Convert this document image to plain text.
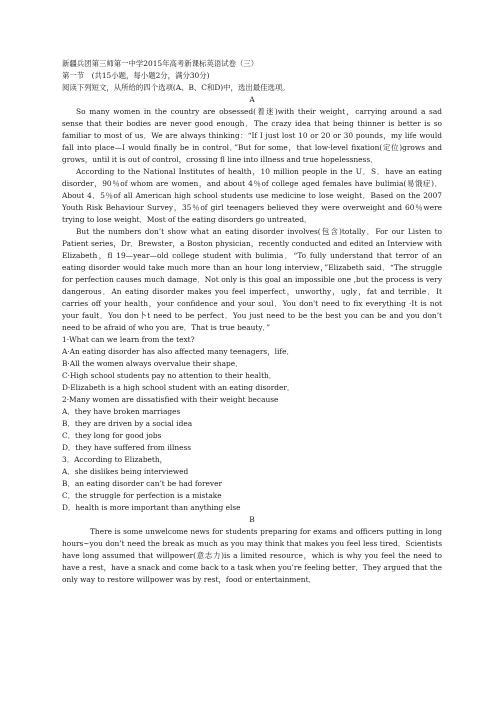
新疆兵团第三师第一中学2015年高考新课标英语试卷（三）
第一节　(共15小题，每小题2分，满分30分)
阅读下列短文，从所给的四个选项(A、B、C和D)中，选出最佳选项。
A

So many women in the country are obsessed(着迷)with their weight，carrying around a sad sense that their bodies are never good enough．The crazy idea that being thinner is better is so familiar to most of us．We are always thinking：“If I just lost 10 or 20 or 30 pounds，my life would fall into place—I would finally be in control．”But for some，that low-level fixation(定位)grows and grows，until it is out of control，crossing fl line into illness and true hopelessness．

According to the National Institutes of health，10 million people in the U．S．have an eating disorder，90％of whom are women，and about 4％of college aged females have bulimia(易饿症)．About 4．5％of all American high school students use medicine to lose weight．Based on the 2007 Youth Risk Behaviour Survey，35％of girl teenagers believed they were overweight and 60％were trying to lose weight．Most of the eating disorders go untreated．

But the numbers don’t show what an eating disorder involves(包含)totally．For our Listen to Patient series，Dr．Brewster，a Boston physician，recently conducted and edited an Interview with Elizabeth，fl 19—year—old college student with bulimia．“To fully understand that terror of an eating disorder would take much more than an hour long interview，”Elizabeth said．“The struggle for perfection causes much damage．Not only is this goal an impossible one ,but the process is very dangerous．An eating disorder makes you feel imperfect，unworthy，ugly，fat and terrible．It carries off your health，your confidence and your soul．You don't need to fix everything ·It is not your fault．You don卜t need to be perfect．You just need to be the best you can be and you don’t need to be afraid of who you are．That is true beauty．”

1·What can we learn from the text?
A·An eating disorder has also affected many teenagers，life．
B·All the women always overvalue their shape．
C·High school students pay no attention to their health．
D·Elizabeth is a high school student with an eating disorder．
2·Many women are dissatisfied with their weight because
A．they have broken marriages
B．they are driven by a social idea
C．they long for good jobs
D．they have suffered from illness
3．According to Elizabeth，
A．she dislikes being interviewed
B．an eating disorder can’t be had forever
C．the struggle for perfection is a mistake
D．health is more important than anything else
B

There is some unwelcome news for students preparing for exams and officers putting in long hours~you don’t need the break as much as you may think that makes you feel less tired．Scientists have long assumed that willpower(意志力)is a limited resource，which is why you feel the need to have a rest，have a snack and come back to a task when you’re feeling better．They argued that the only way to restore willpower was by rest，food or entertainment．
